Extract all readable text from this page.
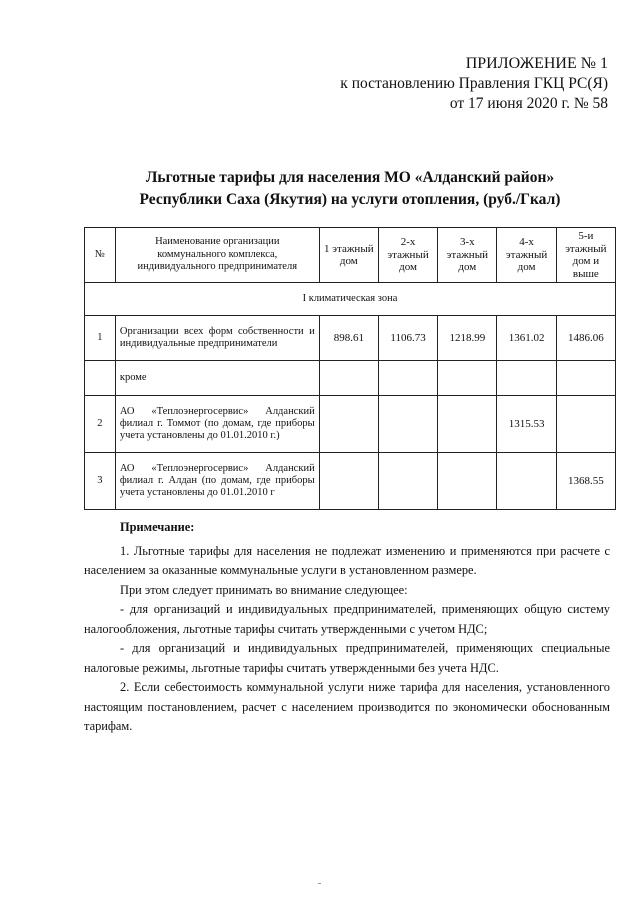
ПРИЛОЖЕНИЕ № 1
к постановлению Правления ГКЦ РС(Я)
от 17 июня 2020 г. № 58
Льготные тарифы для населения МО «Алданский район»
Республики Саха (Якутия) на услуги отопления, (руб./Гкал)
№	Наименование организации коммунального комплекса, индивидуального предпринимателя	1 этажный дом	2-х этажный дом	3-х этажный дом	4-х этажный дом	5-и этажный дом и выше
I климатическая зона						
1	Организации всех форм собственности и индивидуальные предприниматели	898.61	1106.73	1218.99	1361.02	1486.06
	кроме					
2	АО «Теплоэнергосервис» Алданский филиал г. Томмот (по домам, где приборы учета установлены до 01.01.2010 г.)				1315.53	
3	АО «Теплоэнергосервис» Алданский филиал г. Алдан (по домам, где приборы учета установлены до 01.01.2010 г					1368.55
Примечание:

1. Льготные тарифы для населения не подлежат изменению и применяются при расчете с населением за оказанные коммунальные услуги в установленном размере.

При этом следует принимать во внимание следующее:

- для организаций и индивидуальных предпринимателей, применяющих общую систему налогообложения, льготные тарифы считать утвержденными с учетом НДС;

- для организаций и индивидуальных предпринимателей, применяющих специальные налоговые режимы, льготные тарифы считать утвержденными без учета НДС.

2. Если себестоимость коммунальной услуги ниже тарифа для населения, установленного настоящим постановлением, расчет с населением производится по экономически обоснованным тарифам.
